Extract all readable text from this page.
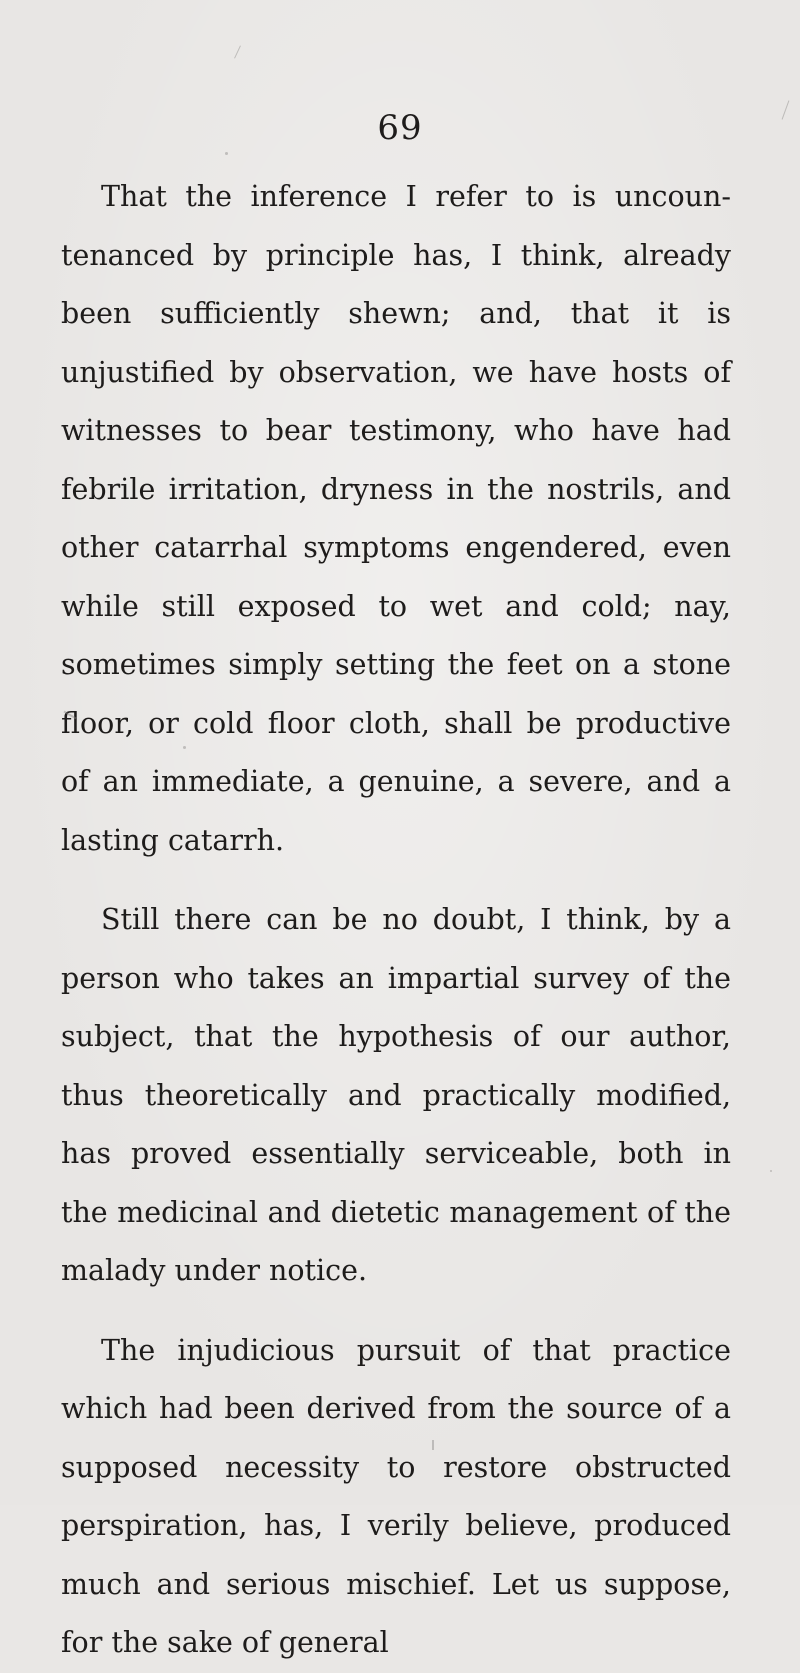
69

That the inference I refer to is uncountenanced by principle has, I think, already been sufficiently shewn; and, that it is unjustified by observation, we have hosts of witnesses to bear testimony, who have had febrile irritation, dryness in the nostrils, and other catarrhal symptoms engendered, even while still exposed to wet and cold; nay, sometimes simply setting the feet on a stone floor, or cold floor cloth, shall be productive of an immediate, a genuine, a severe, and a lasting catarrh.

Still there can be no doubt, I think, by a person who takes an impartial survey of the subject, that the hypothesis of our author, thus theoretically and practically modified, has proved essentially serviceable, both in the medicinal and dietetic management of the malady under notice.

The injudicious pursuit of that practice which had been derived from the source of a supposed necessity to restore obstructed perspiration, has, I verily believe, produced much and serious mischief. Let us suppose, for the sake of general
